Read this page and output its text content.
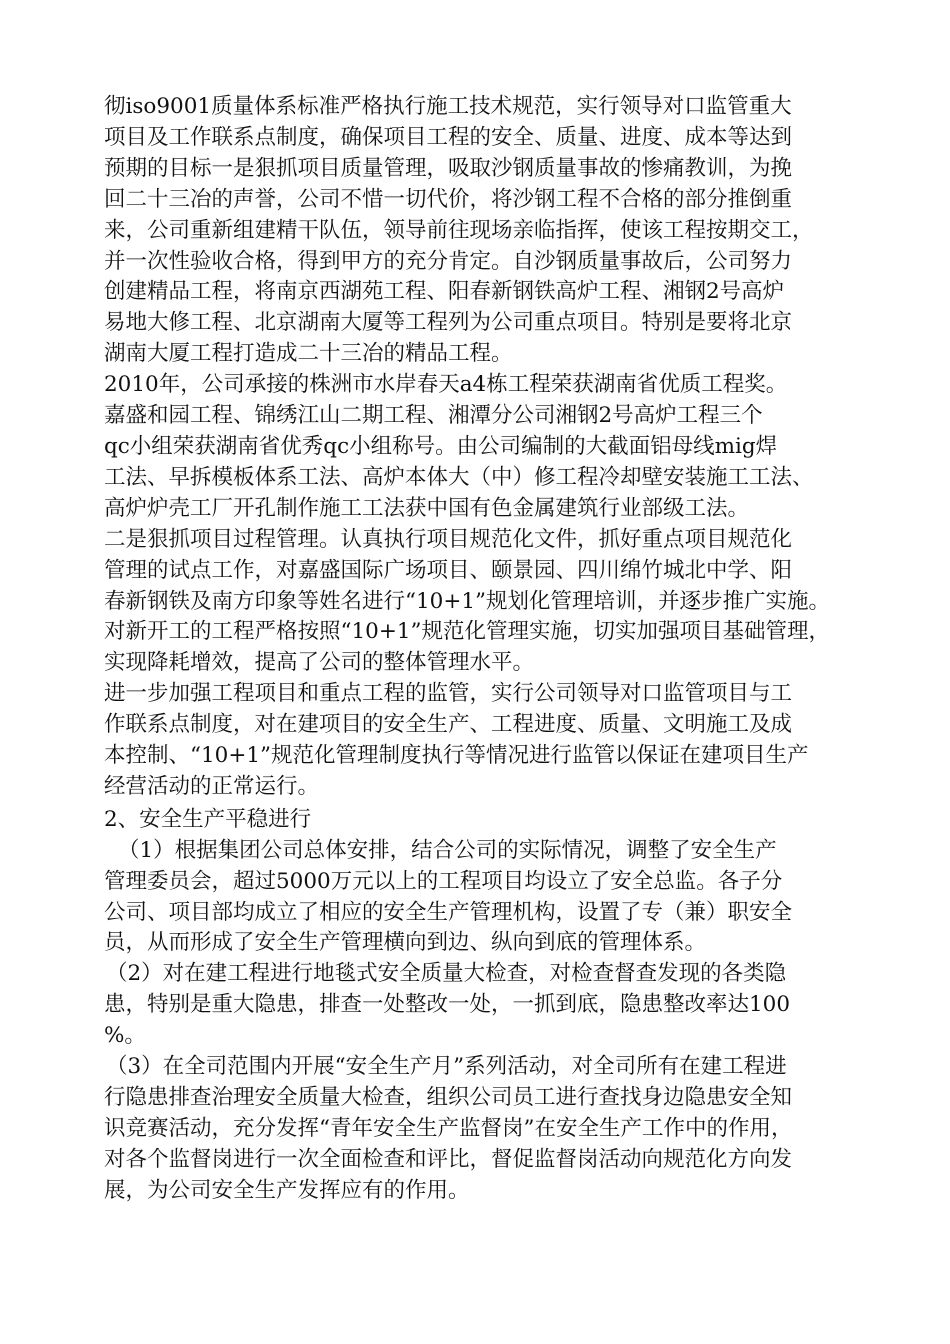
彻iso9001质量体系标准严格执行施工技术规范，实行领导对口监管重大
项目及工作联系点制度，确保项目工程的安全、质量、进度、成本等达到
预期的目标一是狠抓项目质量管理，吸取沙钢质量事故的惨痛教训，为挽
回二十三冶的声誉，公司不惜一切代价，将沙钢工程不合格的部分推倒重
来，公司重新组建精干队伍，领导前往现场亲临指挥，使该工程按期交工，
并一次性验收合格，得到甲方的充分肯定。自沙钢质量事故后，公司努力
创建精品工程，将南京西湖苑工程、阳春新钢铁高炉工程、湘钢2号高炉
易地大修工程、北京湖南大厦等工程列为公司重点项目。特别是要将北京
湖南大厦工程打造成二十三冶的精品工程。
2010年，公司承接的株洲市水岸春天a4栋工程荣获湖南省优质工程奖。
嘉盛和园工程、锦绣江山二期工程、湘潭分公司湘钢2号高炉工程三个
qc小组荣获湖南省优秀qc小组称号。由公司编制的大截面铝母线mig焊
工法、早拆模板体系工法、高炉本体大（中）修工程冷却壁安装施工工法、
高炉炉壳工厂开孔制作施工工法获中国有色金属建筑行业部级工法。
二是狠抓项目过程管理。认真执行项目规范化文件，抓好重点项目规范化
管理的试点工作，对嘉盛国际广场项目、颐景园、四川绵竹城北中学、阳
春新钢铁及南方印象等姓名进行“10+1”规划化管理培训，并逐步推广实施。
对新开工的工程严格按照“10+1”规范化管理实施，切实加强项目基础管理，
实现降耗增效，提高了公司的整体管理水平。
进一步加强工程项目和重点工程的监管，实行公司领导对口监管项目与工
作联系点制度，对在建项目的安全生产、工程进度、质量、文明施工及成
本控制、“10+1”规范化管理制度执行等情况进行监管以保证在建项目生产
经营活动的正常运行。
2、安全生产平稳进行
（1）根据集团公司总体安排，结合公司的实际情况，调整了安全生产
管理委员会，超过5000万元以上的工程项目均设立了安全总监。各子分
公司、项目部均成立了相应的安全生产管理机构，设置了专（兼）职安全
员，从而形成了安全生产管理横向到边、纵向到底的管理体系。
（2）对在建工程进行地毯式安全质量大检查，对检查督查发现的各类隐
患，特别是重大隐患，排查一处整改一处，一抓到底，隐患整改率达100
%。
（3）在全司范围内开展“安全生产月”系列活动，对全司所有在建工程进
行隐患排查治理安全质量大检查，组织公司员工进行查找身边隐患安全知
识竞赛活动，充分发挥“青年安全生产监督岗”在安全生产工作中的作用，
对各个监督岗进行一次全面检查和评比，督促监督岗活动向规范化方向发
展，为公司安全生产发挥应有的作用。
